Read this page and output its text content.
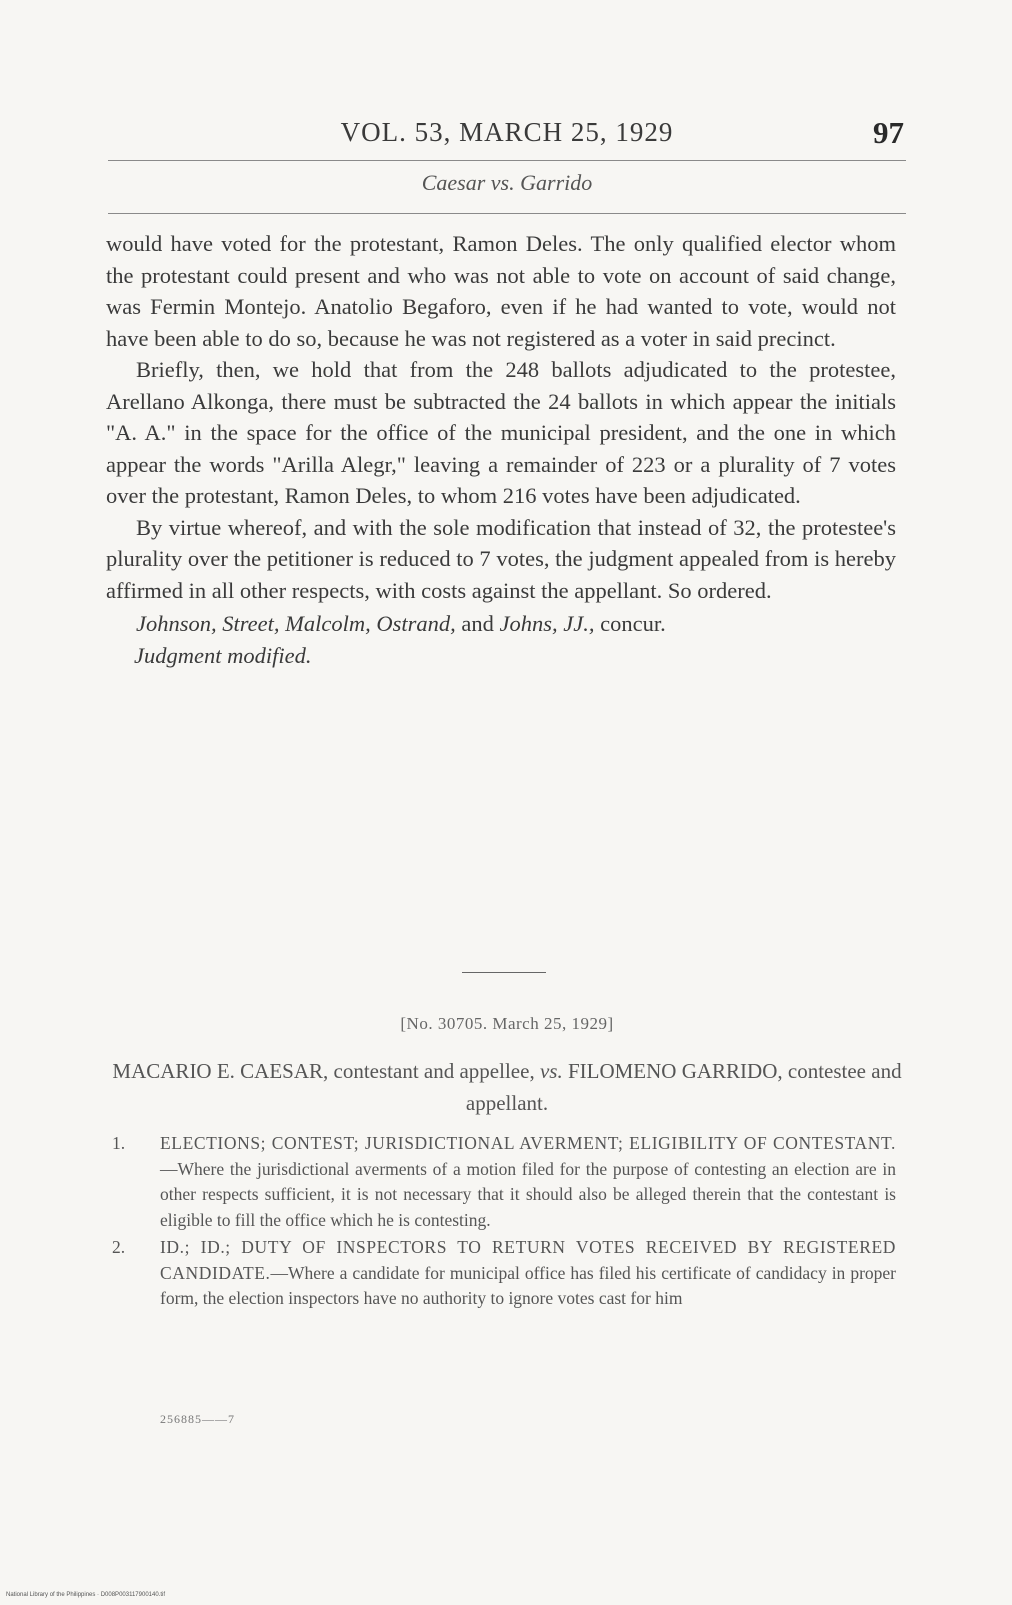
VOL. 53, MARCH 25, 1929	97
Caesar vs. Garrido

would have voted for the protestant, Ramon Deles. The only qualified elector whom the protestant could present and who was not able to vote on account of said change, was Fermin Montejo. Anatolio Begaforo, even if he had wanted to vote, would not have been able to do so, because he was not registered as a voter in said precinct.

Briefly, then, we hold that from the 248 ballots adjudicated to the protestee, Arellano Alkonga, there must be subtracted the 24 ballots in which appear the initials "A. A." in the space for the office of the municipal president, and the one in which appear the words "Arilla Alegr," leaving a remainder of 223 or a plurality of 7 votes over the protestant, Ramon Deles, to whom 216 votes have been adjudicated.

By virtue whereof, and with the sole modification that instead of 32, the protestee's plurality over the petitioner is reduced to 7 votes, the judgment appealed from is hereby affirmed in all other respects, with costs against the appellant. So ordered.

Johnson, Street, Malcolm, Ostrand, and Johns, JJ., concur.

Judgment modified.

[No. 30705. March 25, 1929]
MACARIO E. CAESAR, contestant and appellee, vs. FILOMENO GARRIDO, contestee and appellant.
1. ELECTIONS; CONTEST; JURISDICTIONAL AVERMENT; ELIGIBILITY OF CONTESTANT.—Where the jurisdictional averments of a motion filed for the purpose of contesting an election are in other respects sufficient, it is not necessary that it should also be alleged therein that the contestant is eligible to fill the office which he is contesting.
2. ID.; ID.; DUTY OF INSPECTORS TO RETURN VOTES RECEIVED BY REGISTERED CANDIDATE.—Where a candidate for municipal office has filed his certificate of candidacy in proper form, the election inspectors have no authority to ignore votes cast for him
256885——7
National Library of the Philippines · D008P003117900140.tif
